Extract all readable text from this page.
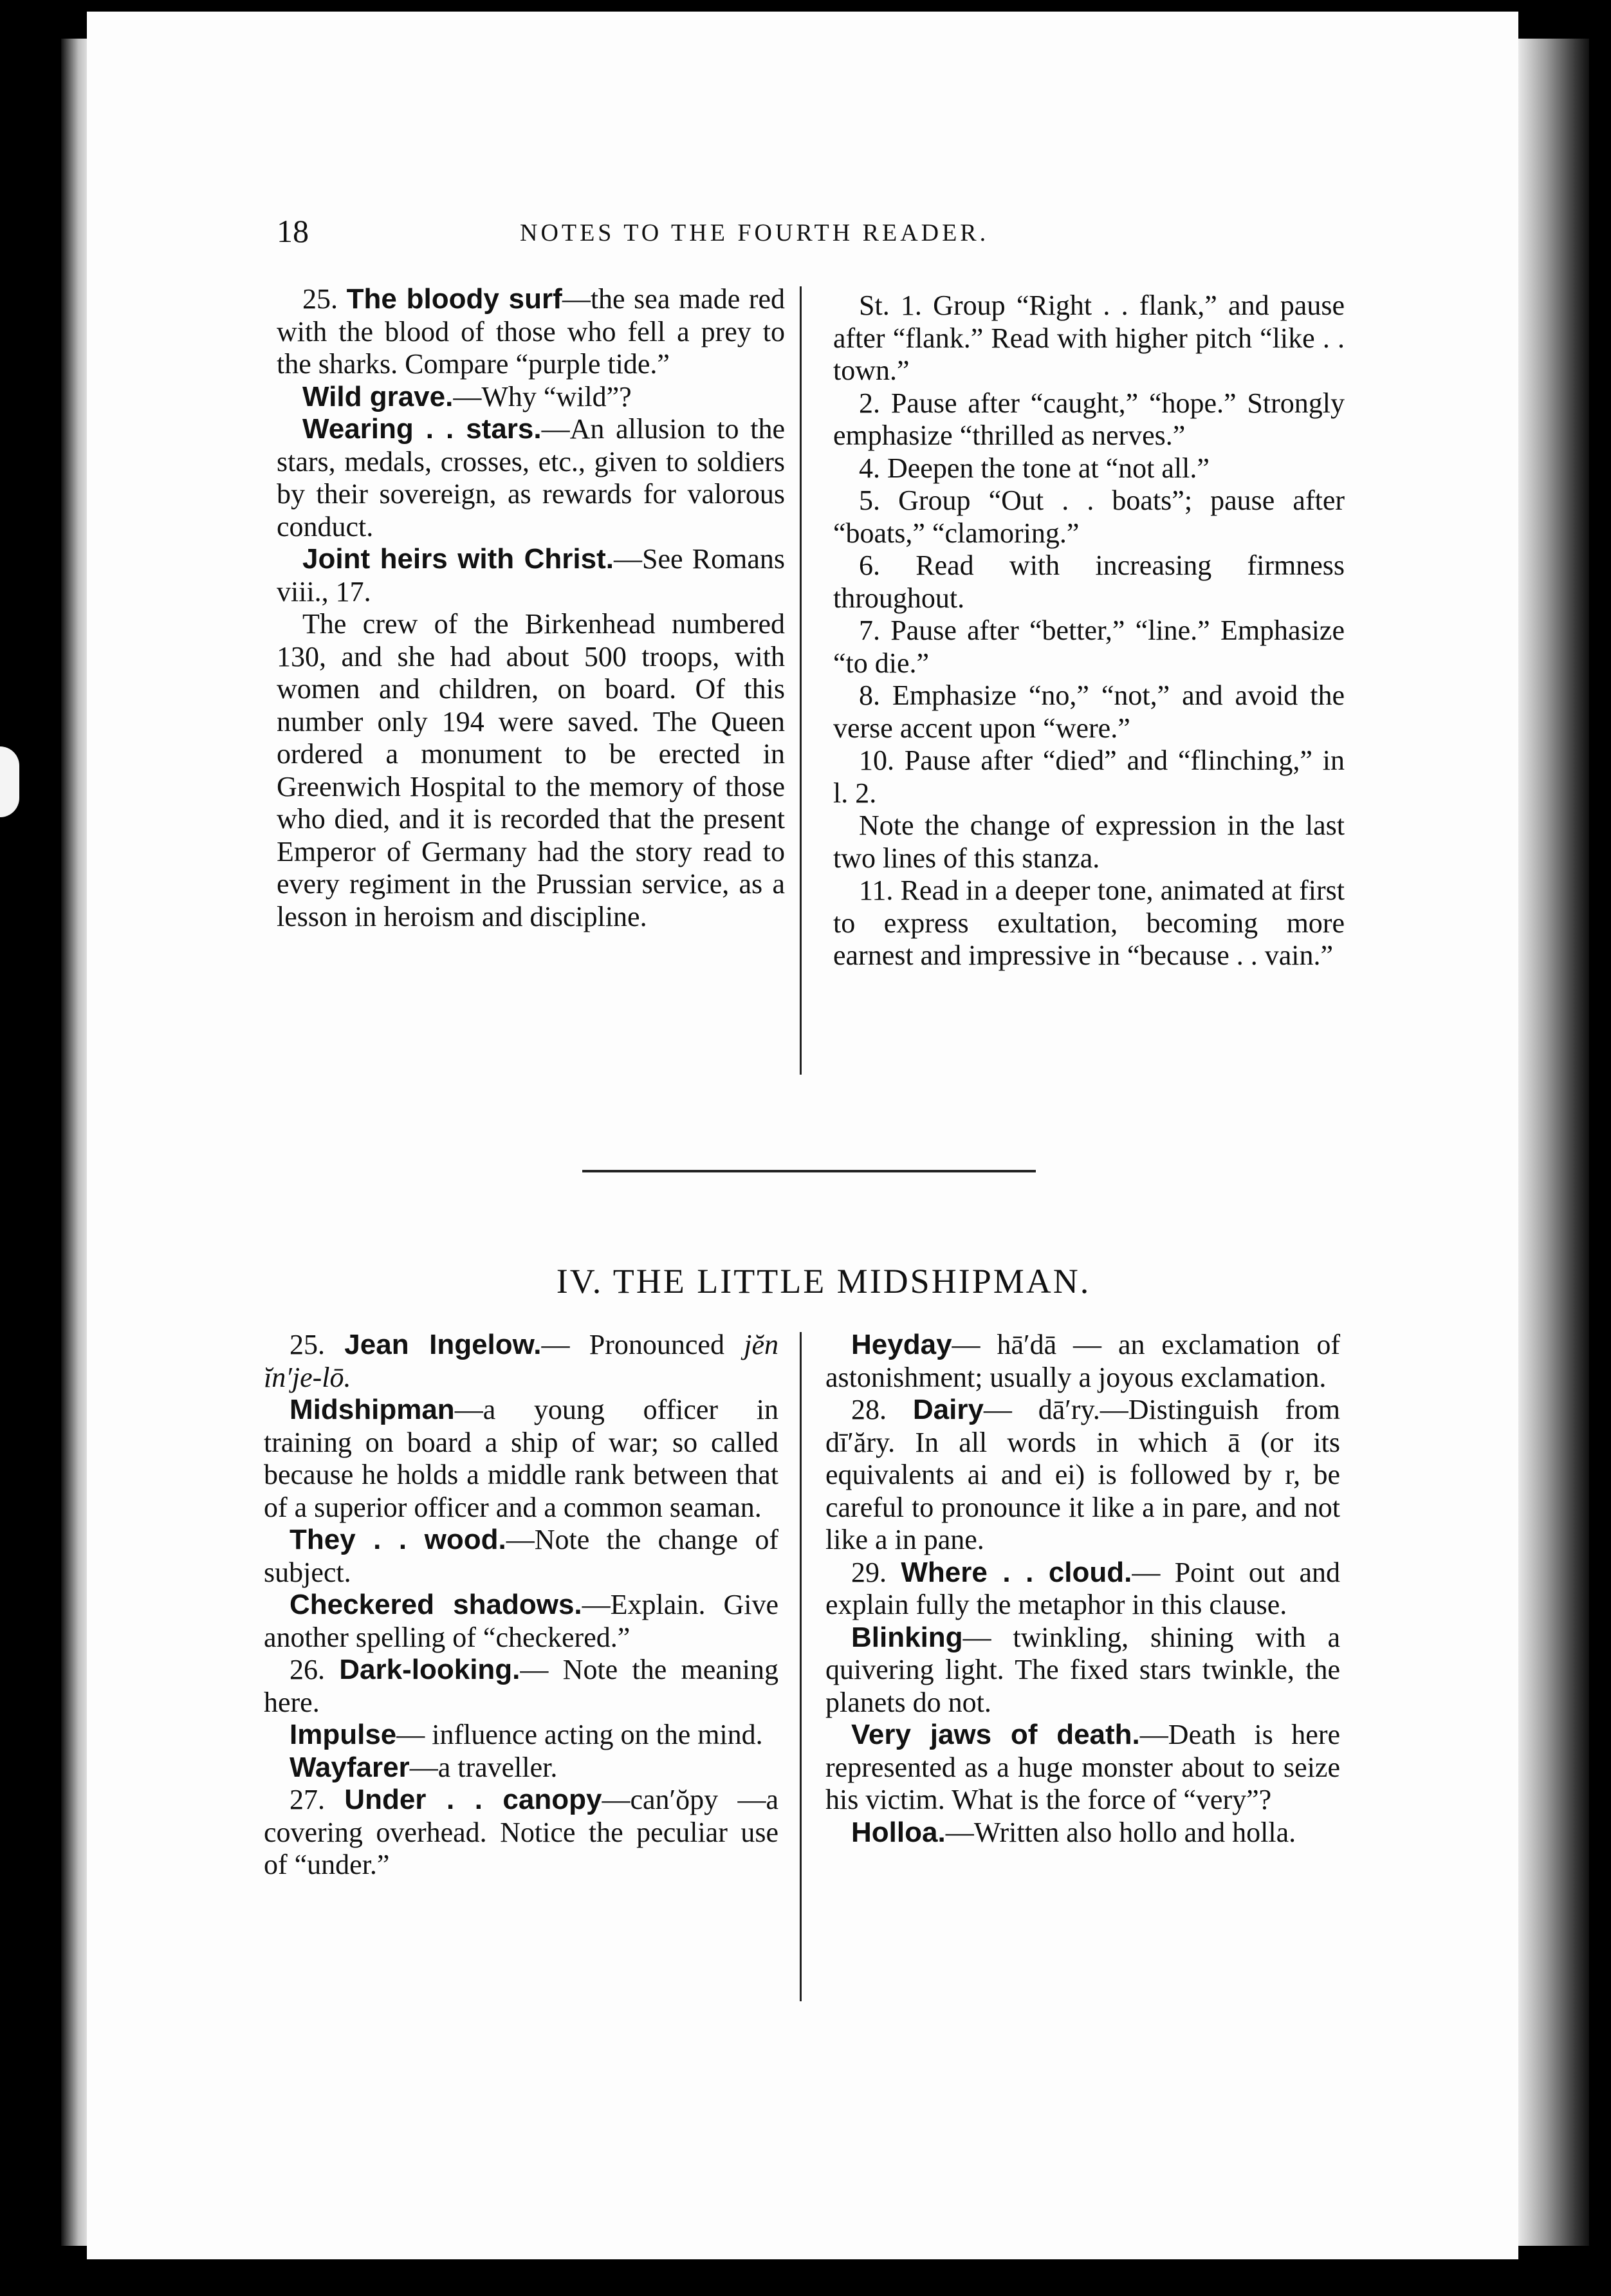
18	NOTES TO THE FOURTH READER.

25. The bloody surf—the sea made red with the blood of those who fell a prey to the sharks. Compare “purple tide.”

Wild grave.—Why “wild”?

Wearing . . stars.—An allusion to the stars, medals, crosses, etc., given to soldiers by their sovereign, as rewards for valorous conduct.

Joint heirs with Christ.—See Romans viii., 17.

The crew of the Birkenhead numbered 130, and she had about 500 troops, with women and children, on board. Of this number only 194 were saved. The Queen ordered a monument to be erected in Greenwich Hospital to the memory of those who died, and it is recorded that the present Emperor of Germany had the story read to every regiment in the Prussian service, as a lesson in heroism and discipline.

St. 1. Group “Right . . flank,” and pause after “flank.” Read with higher pitch “like . . town.”

2. Pause after “caught,” “hope.” Strongly emphasize “thrilled as nerves.”

4. Deepen the tone at “not all.”

5. Group “Out . . boats”; pause after “boats,” “clamoring.”

6. Read with increasing firmness throughout.

7. Pause after “better,” “line.” Emphasize “to die.”

8. Emphasize “no,” “not,” and avoid the verse accent upon “were.”

10. Pause after “died” and “flinching,” in l. 2.

Note the change of expression in the last two lines of this stanza.

11. Read in a deeper tone, animated at first to express exultation, becoming more earnest and impressive in “because . . vain.”

IV. THE LITTLE MIDSHIPMAN.

25. Jean Ingelow.— Pronounced jĕn ĭn′je-lō.

Midshipman—a young officer in training on board a ship of war; so called because he holds a middle rank between that of a superior officer and a common seaman.

They . . wood.—Note the change of subject.

Checkered shadows.—Explain. Give another spelling of “checkered.”

26. Dark-looking.— Note the meaning here.

Impulse— influence acting on the mind.

Wayfarer—a traveller.

27. Under . . canopy—can′ŏpy —a covering overhead. Notice the peculiar use of “under.”

Heyday— hā′dā — an exclamation of astonishment; usually a joyous exclamation.

28. Dairy— dā′ry.—Distinguish from dī′ăry. In all words in which ā (or its equivalents ai and ei) is followed by r, be careful to pronounce it like a in pare, and not like a in pane.

29. Where . . cloud.— Point out and explain fully the metaphor in this clause.

Blinking— twinkling, shining with a quivering light. The fixed stars twinkle, the planets do not.

Very jaws of death.—Death is here represented as a huge monster about to seize his victim. What is the force of “very”?

Holloa.—Written also hollo and holla.
